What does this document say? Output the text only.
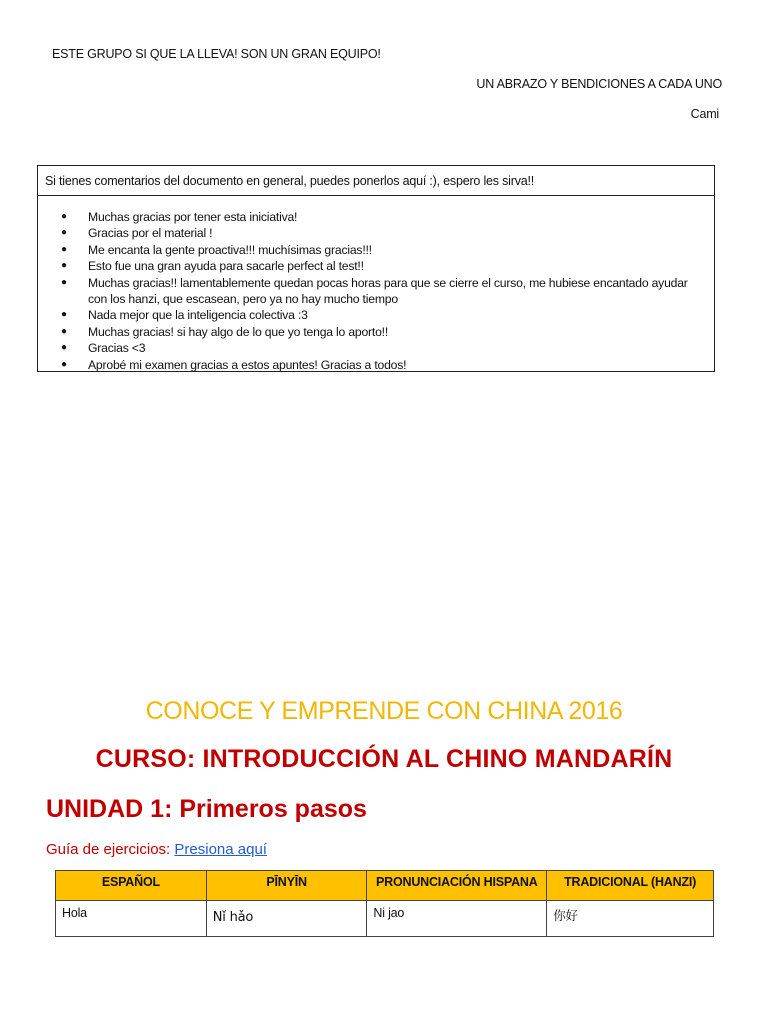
ESTE GRUPO SI QUE LA LLEVA! SON UN GRAN EQUIPO!
UN ABRAZO Y BENDICIONES A CADA UNO
Cami
Si tienes comentarios del documento en general, puedes ponerlos aquí :), espero les sirva!!
● Muchas gracias por tener esta iniciativa!
● Gracias por el material !
● Me encanta la gente proactiva!!! muchísimas gracias!!!
● Esto fue una gran ayuda para sacarle perfect al test!!
● Muchas gracias!! lamentablemente quedan pocas horas para que se cierre el curso, me hubiese encantado ayudar con los hanzi, que escasean, pero ya no hay mucho tiempo
● Nada mejor que la inteligencia colectiva :3
● Muchas gracias! si hay algo de lo que yo tenga lo aporto!!
● Gracias <3
● Aprobé mi examen gracias a estos apuntes! Gracias a todos!
CONOCE Y EMPRENDE CON CHINA 2016
CURSO: INTRODUCCIÓN AL CHINO MANDARÍN
UNIDAD 1: Primeros pasos
Guía de ejercicios: Presiona aquí
ESPAÑOL	PĪNYĪN	PRONUNCIACIÓN HISPANA	TRADICIONAL (HANZI)
Hola	Nǐ hǎo	Ni jao	你好
